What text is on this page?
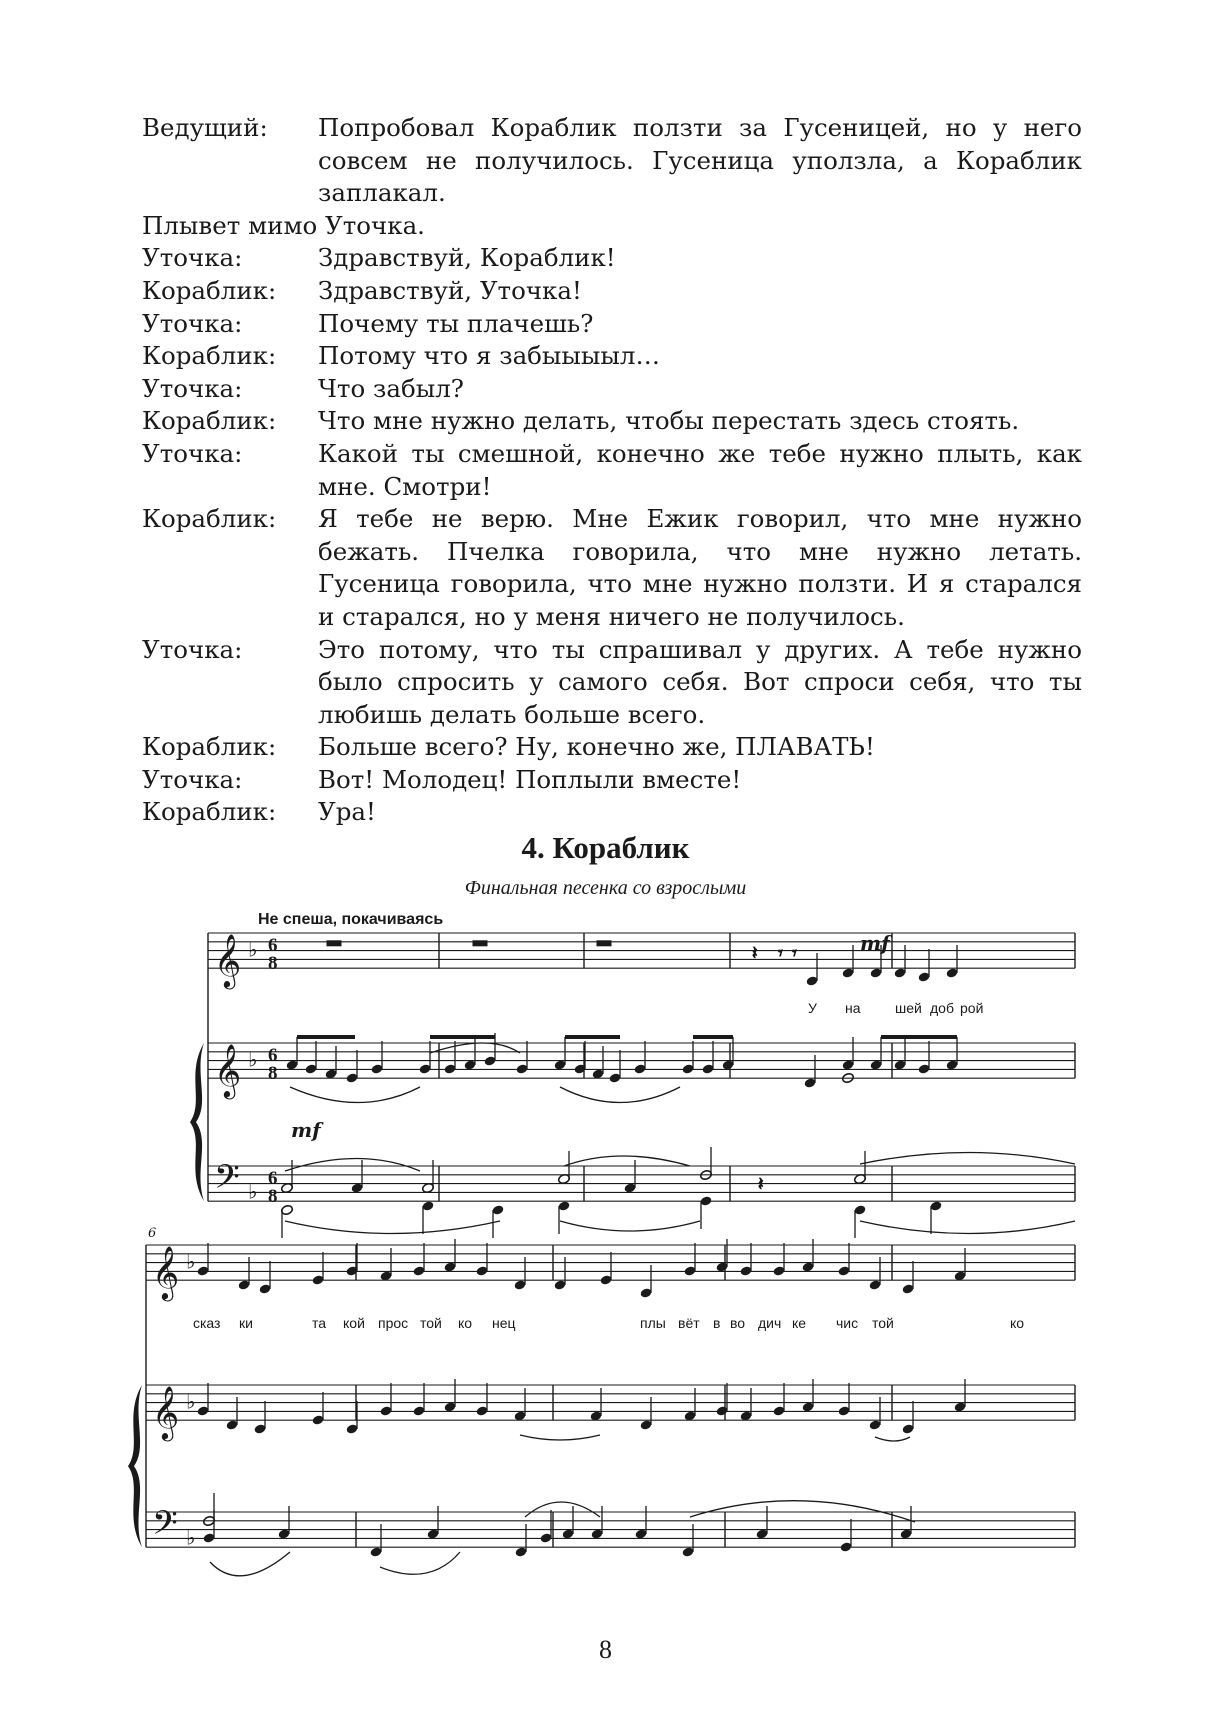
Ведущий:	Попробовал Кораблик ползти за Гусеницей, но у него совсем не получилось. Гусеница уползла, а Кораблик заплакал.
Плывет мимо Уточка.
Уточка:	Здравствуй, Кораблик!
Кораблик:	Здравствуй, Уточка!
Уточка:	Почему ты плачешь?
Кораблик:	Потому что я забыыыыл…
Уточка:	Что забыл?
Кораблик:	Что мне нужно делать, чтобы перестать здесь стоять.
Уточка:	Какой ты смешной, конечно же тебе нужно плыть, как мне. Смотри!
Кораблик:	Я тебе не верю. Мне Ежик говорил, что мне нужно бежать. Пчелка говорила, что мне нужно летать. Гусеница говорила, что мне нужно ползти. И я старался и старался, но у меня ничего не получилось.
Уточка:	Это потому, что ты спрашивал у других. А тебе нужно было спросить у самого себя. Вот спроси себя, что ты любишь делать больше всего.
Кораблик:	Больше всего? Ну, конечно же, ПЛАВАТЬ!
Уточка:	Вот! Молодец! Поплыли вместе!
Кораблик:	Ура!
4. Кораблик
Финальная песенка со взрослыми
Не спеша, покачиваясь
𝄞 ♭
𝄞 ♭
𝄢 ♭
𝄞 ♭
𝄞 ♭
𝄢 ♭
𝄽 𝄾 𝄾
𝄽
6
8
6
8
6
8
mf
mf
6
У на шей доб рой
сказ ки	та кой прос той ко нец	плы вёт в во дич ке чис той	ко
8
